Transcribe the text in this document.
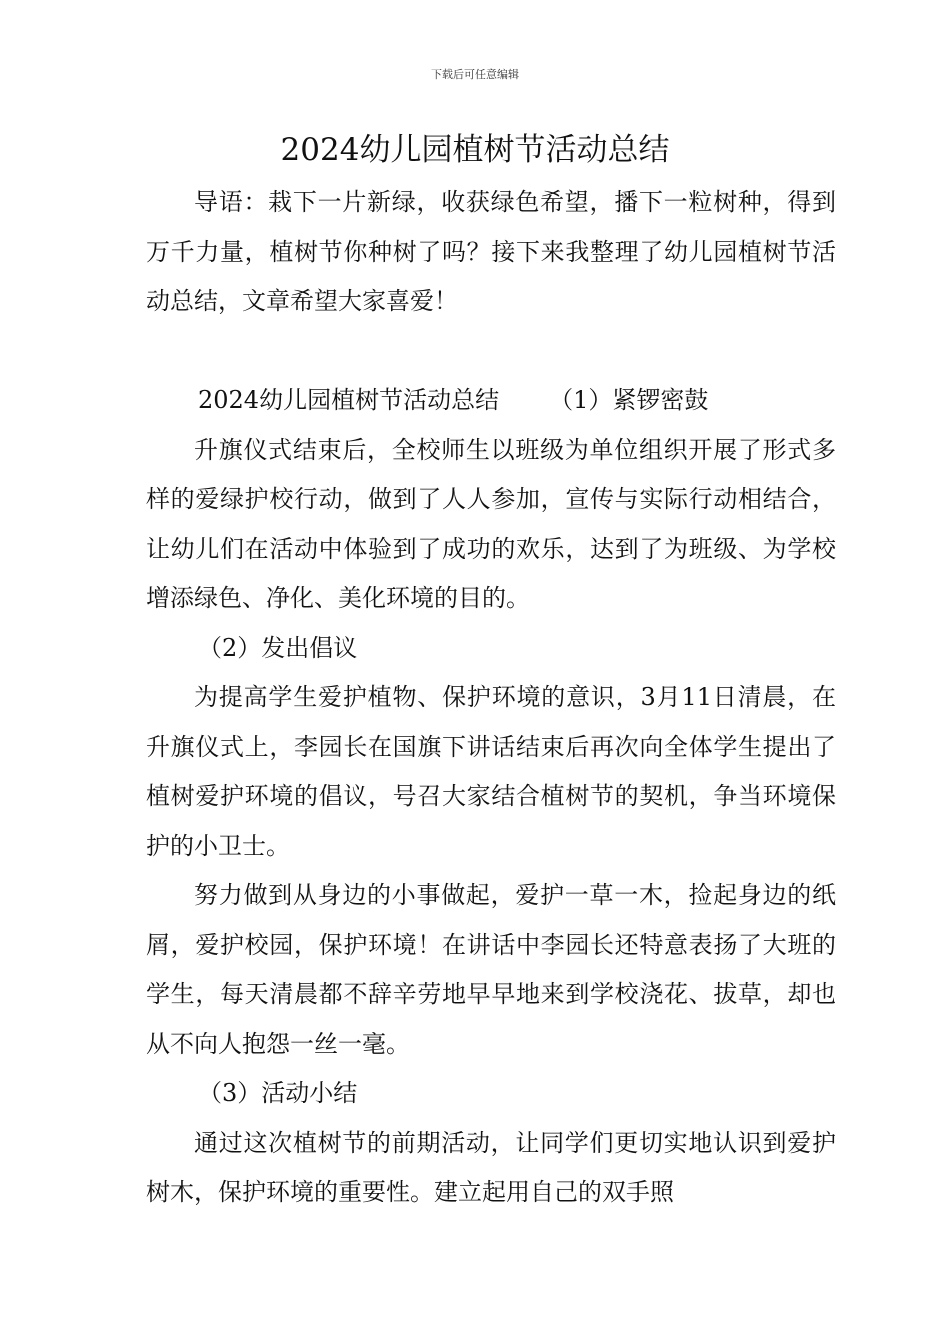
下载后可任意编辑
2024幼儿园植树节活动总结

导语：栽下一片新绿，收获绿色希望，播下一粒树种，得到万千力量，植树节你种树了吗？接下来我整理了幼儿园植树节活动总结，文章希望大家喜爱！

2024幼儿园植树节活动总结 （1）紧锣密鼓

升旗仪式结束后，全校师生以班级为单位组织开展了形式多样的爱绿护校行动，做到了人人参加，宣传与实际行动相结合，让幼儿们在活动中体验到了成功的欢乐，达到了为班级、为学校增添绿色、净化、美化环境的目的。

（2）发出倡议

为提高学生爱护植物、保护环境的意识，3月11日清晨，在升旗仪式上，李园长在国旗下讲话结束后再次向全体学生提出了植树爱护环境的倡议，号召大家结合植树节的契机，争当环境保护的小卫士。

努力做到从身边的小事做起，爱护一草一木，捡起身边的纸屑，爱护校园，保护环境！在讲话中李园长还特意表扬了大班的学生，每天清晨都不辞辛劳地早早地来到学校浇花、拔草，却也从不向人抱怨一丝一毫。

（3）活动小结

通过这次植树节的前期活动，让同学们更切实地认识到爱护树木，保护环境的重要性。建立起用自己的双手照
